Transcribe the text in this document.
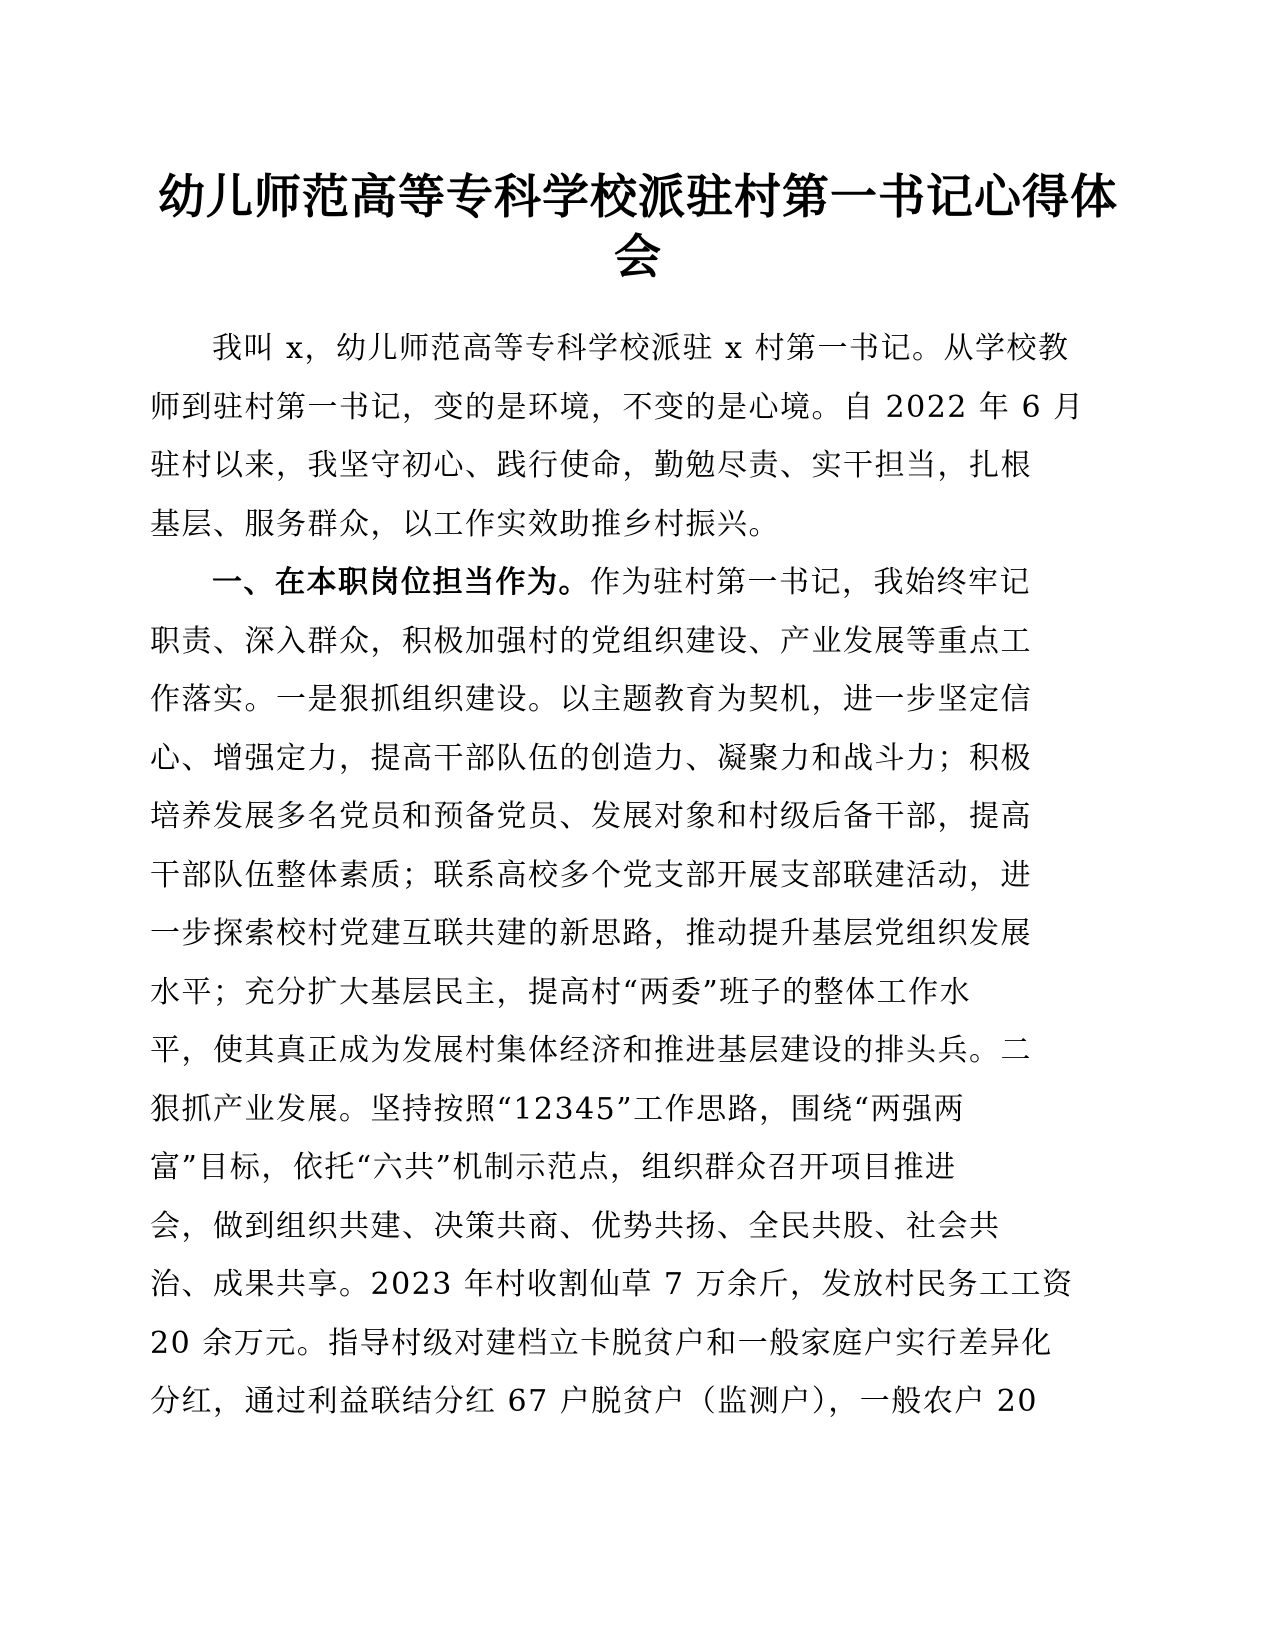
幼儿师范高等专科学校派驻村第一书记心得体
会
我叫 x，幼儿师范高等专科学校派驻 x 村第一书记。从学校教
师到驻村第一书记，变的是环境，不变的是心境。自 2022 年 6 月
驻村以来，我坚守初心、践行使命，勤勉尽责、实干担当，扎根
基层、服务群众，以工作实效助推乡村振兴。
一、在本职岗位担当作为。作为驻村第一书记，我始终牢记
职责、深入群众，积极加强村的党组织建设、产业发展等重点工
作落实。一是狠抓组织建设。以主题教育为契机，进一步坚定信
心、增强定力，提高干部队伍的创造力、凝聚力和战斗力；积极
培养发展多名党员和预备党员、发展对象和村级后备干部，提高
干部队伍整体素质；联系高校多个党支部开展支部联建活动，进
一步探索校村党建互联共建的新思路，推动提升基层党组织发展
水平；充分扩大基层民主，提高村“两委”班子的整体工作水
平，使其真正成为发展村集体经济和推进基层建设的排头兵。二
狠抓产业发展。坚持按照“12345”工作思路，围绕“两强两
富”目标，依托“六共”机制示范点，组织群众召开项目推进
会，做到组织共建、决策共商、优势共扬、全民共股、社会共
治、成果共享。2023 年村收割仙草 7 万余斤，发放村民务工工资
20 余万元。指导村级对建档立卡脱贫户和一般家庭户实行差异化
分红，通过利益联结分红 67 户脱贫户（监测户），一般农户 20
